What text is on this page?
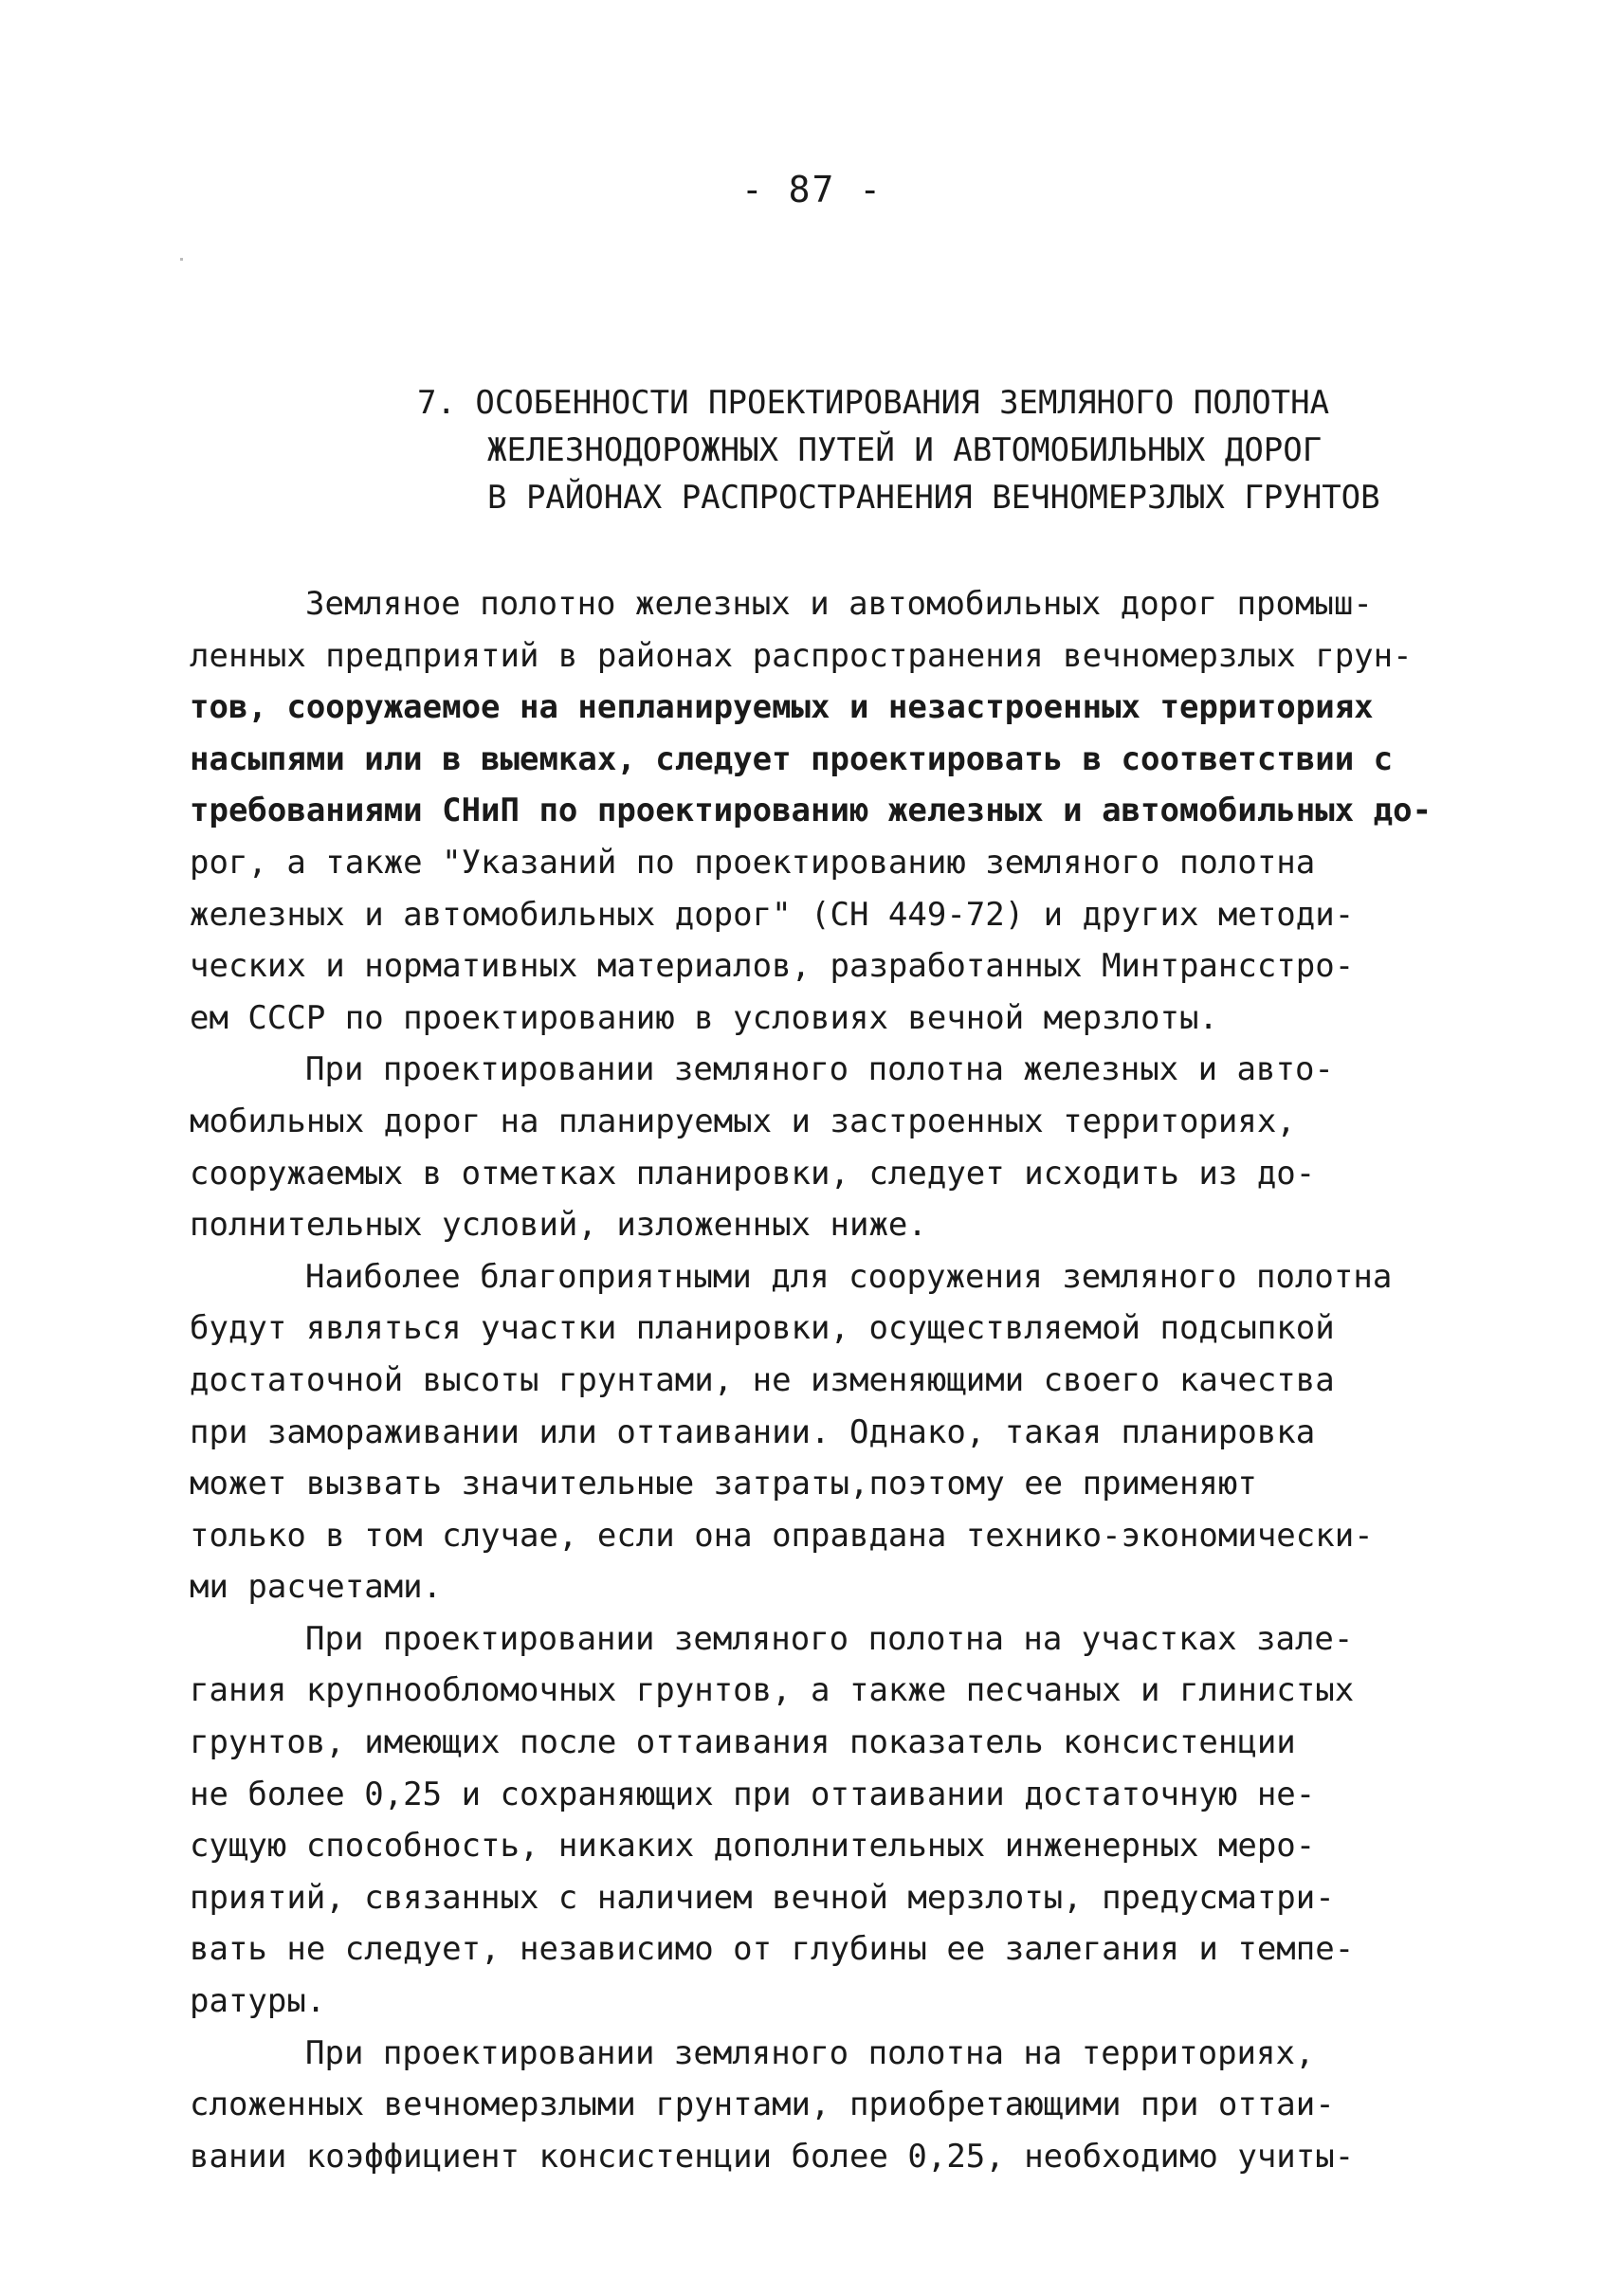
- 87 -
7. ОСОБЕННОСТИ ПРОЕКТИРОВАНИЯ ЗЕМЛЯНОГО ПОЛОТНА
ЖЕЛЕЗНОДОРОЖНЫХ ПУТЕЙ И АВТОМОБИЛЬНЫХ ДОРОГ
В РАЙОНАХ РАСПРОСТРАНЕНИЯ ВЕЧНОМЕРЗЛЫХ ГРУНТОВ
Земляное полотно железных и автомобильных дорог промыш-
ленных предприятий в районах распространения вечномерзлых грун-
тов, сооружаемое на непланируемых и незастроенных территориях
насыпями или в выемках, следует проектировать в соответствии с
требованиями СНиП по проектированию железных и автомобильных до-
рог, а также "Указаний по проектированию земляного полотна
железных и автомобильных дорог" (СН 449-72) и других методи-
ческих и нормативных материалов, разработанных Минтрансстро-
ем СССР по проектированию в условиях вечной мерзлоты.
При проектировании земляного полотна железных и авто-
мобильных дорог на планируемых и застроенных территориях,
сооружаемых в отметках планировки, следует исходить из до-
полнительных условий, изложенных ниже.
Наиболее благоприятными для сооружения земляного полотна
будут являться участки планировки, осуществляемой подсыпкой
достаточной высоты грунтами, не изменяющими своего качества
при замораживании или оттаивании. Однако, такая планировка
может вызвать значительные затраты,поэтому ее применяют
только в том случае, если она оправдана технико-экономически-
ми расчетами.
При проектировании земляного полотна на участках зале-
гания крупнообломочных грунтов, а также песчаных и глинистых
грунтов, имеющих после оттаивания показатель консистенции
не более 0,25 и сохраняющих при оттаивании достаточную не-
сущую способность, никаких дополнительных инженерных меро-
приятий, связанных с наличием вечной мерзлоты, предусматри-
вать не следует, независимо от глубины ее залегания и темпе-
ратуры.
При проектировании земляного полотна на территориях,
сложенных вечномерзлыми грунтами, приобретающими при оттаи-
вании коэффициент консистенции более 0,25, необходимо учиты-
